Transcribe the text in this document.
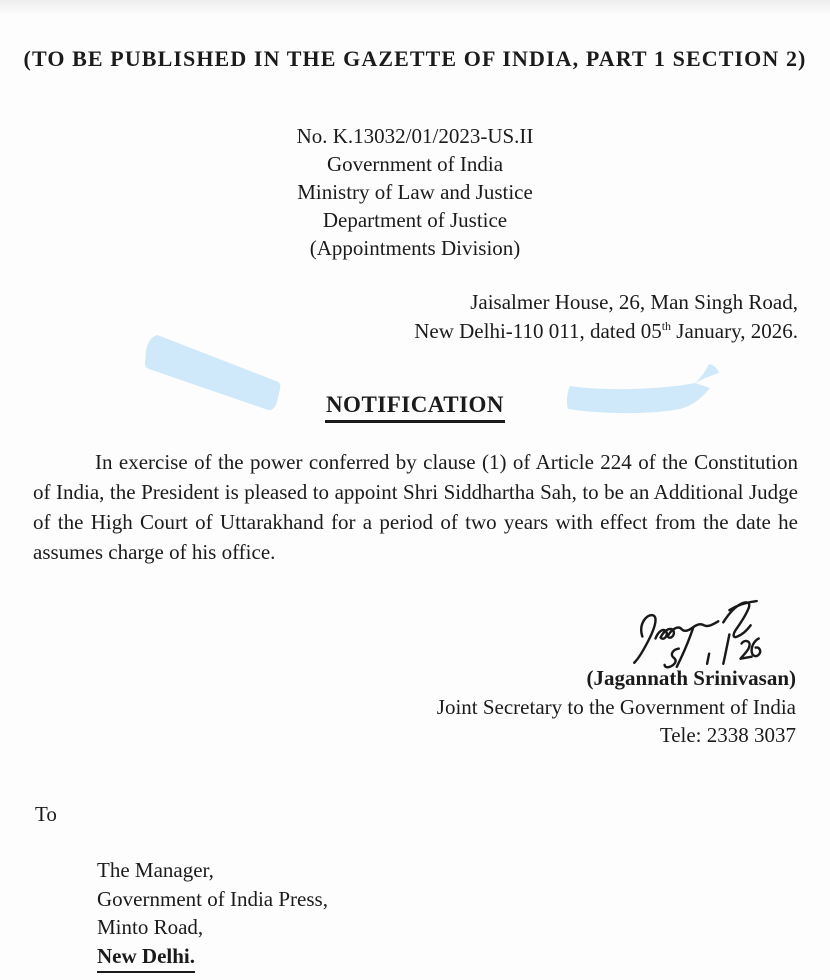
(TO BE PUBLISHED IN THE GAZETTE OF INDIA, PART 1 SECTION 2)
No. K.13032/01/2023-US.II
Government of India
Ministry of Law and Justice
Department of Justice
(Appointments Division)
Jaisalmer House, 26, Man Singh Road,
New Delhi-110 011, dated 05th January, 2026.
NOTIFICATION
In exercise of the power conferred by clause (1) of Article 224 of the Constitution of India, the President is pleased to appoint Shri Siddhartha Sah, to be an Additional Judge of the High Court of Uttarakhand for a period of two years with effect from the date he assumes charge of his office.
(Jagannath Srinivasan)
Joint Secretary to the Government of India
Tele: 2338 3037
To
The Manager,
Government of India Press,
Minto Road,
New Delhi.
